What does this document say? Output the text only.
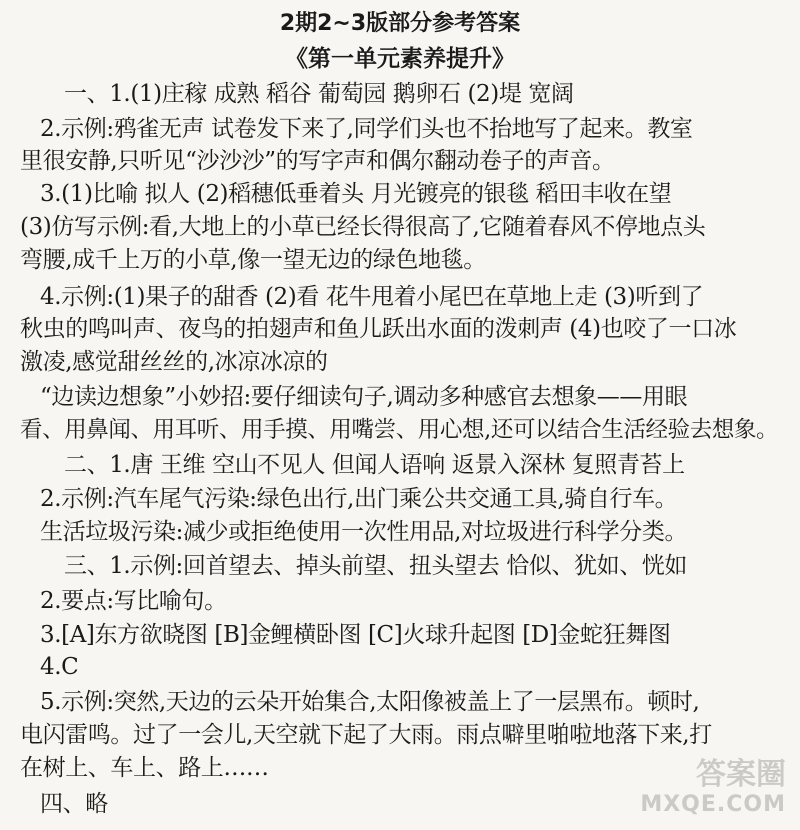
2期2~3版部分参考答案
《第一单元素养提升》
一、1.(1)庄稼 成熟 稻谷 葡萄园 鹅卵石 (2)堤 宽阔
2.示例:鸦雀无声 试卷发下来了,同学们头也不抬地写了起来。教室
里很安静,只听见“沙沙沙”的写字声和偶尔翻动卷子的声音。
3.(1)比喻 拟人 (2)稻穗低垂着头 月光镀亮的银毯 稻田丰收在望
(3)仿写示例:看,大地上的小草已经长得很高了,它随着春风不停地点头
弯腰,成千上万的小草,像一望无边的绿色地毯。
4.示例:(1)果子的甜香 (2)看 花牛甩着小尾巴在草地上走 (3)听到了
秋虫的鸣叫声、夜鸟的拍翅声和鱼儿跃出水面的泼刺声 (4)也咬了一口冰
激凌,感觉甜丝丝的,冰凉冰凉的
“边读边想象”小妙招:要仔细读句子,调动多种感官去想象——用眼
看、用鼻闻、用耳听、用手摸、用嘴尝、用心想,还可以结合生活经验去想象。
二、1.唐 王维 空山不见人 但闻人语响 返景入深林 复照青苔上
2.示例:汽车尾气污染:绿色出行,出门乘公共交通工具,骑自行车。
生活垃圾污染:减少或拒绝使用一次性用品,对垃圾进行科学分类。
三、1.示例:回首望去、掉头前望、扭头望去 恰似、犹如、恍如
2.要点:写比喻句。
3.[A]东方欲晓图 [B]金鲤横卧图 [C]火球升起图 [D]金蛇狂舞图
4.C
5.示例:突然,天边的云朵开始集合,太阳像被盖上了一层黑布。顿时,
电闪雷鸣。过了一会儿,天空就下起了大雨。雨点噼里啪啦地落下来,打
在树上、车上、路上……
四、略
答案圈
MXQE.COM
